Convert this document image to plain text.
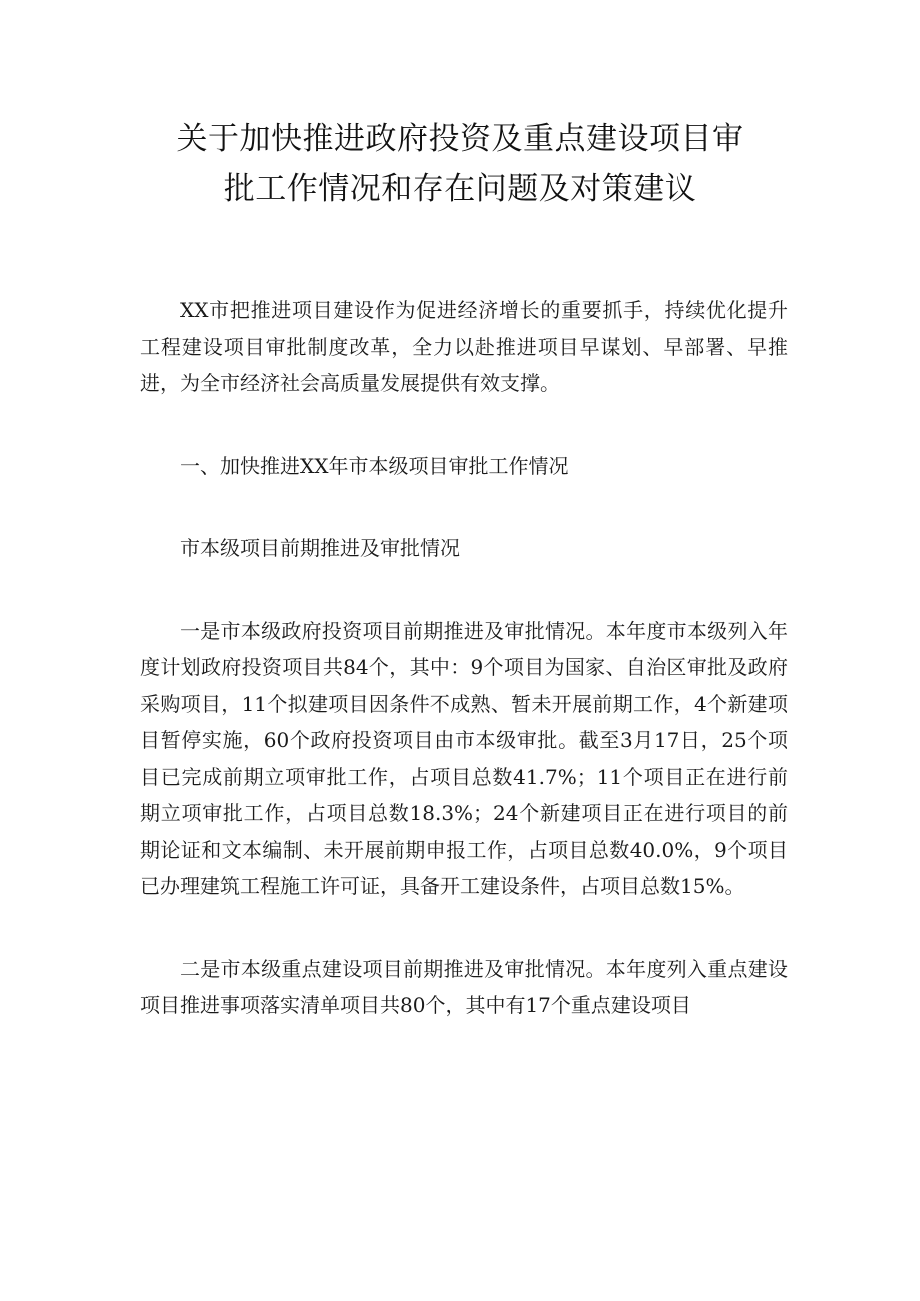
关于加快推进政府投资及重点建设项目审
批工作情况和存在问题及对策建议

XX市把推进项目建设作为促进经济增长的重要抓手，持续优化提升工程建设项目审批制度改革，全力以赴推进项目早谋划、早部署、早推进，为全市经济社会高质量发展提供有效支撑。

一、加快推进XX年市本级项目审批工作情况

市本级项目前期推进及审批情况

一是市本级政府投资项目前期推进及审批情况。本年度市本级列入年度计划政府投资项目共84个，其中：9个项目为国家、自治区审批及政府采购项目，11个拟建项目因条件不成熟、暂未开展前期工作，4个新建项目暂停实施，60个政府投资项目由市本级审批。截至3月17日，25个项目已完成前期立项审批工作，占项目总数41.7%；11个项目正在进行前期立项审批工作，占项目总数18.3%；24个新建项目正在进行项目的前期论证和文本编制、未开展前期申报工作，占项目总数40.0%，9个项目已办理建筑工程施工许可证，具备开工建设条件，占项目总数15%。

二是市本级重点建设项目前期推进及审批情况。本年度列入重点建设项目推进事项落实清单项目共80个，其中有17个重点建设项目
